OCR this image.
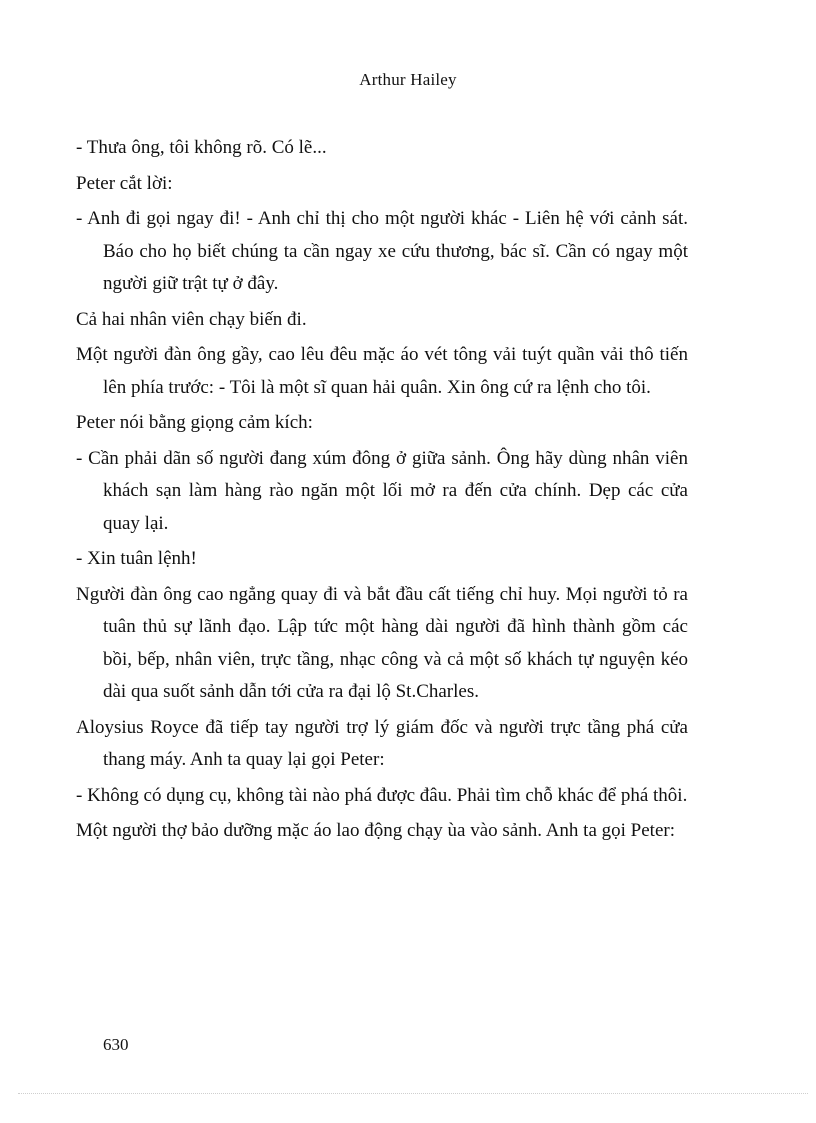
Arthur Hailey

- Thưa ông, tôi không rõ. Có lẽ...

Peter cắt lời:

- Anh đi gọi ngay đi! - Anh chỉ thị cho một người khác - Liên hệ với cảnh sát. Báo cho họ biết chúng ta cần ngay xe cứu thương, bác sĩ. Cần có ngay một người giữ trật tự ở đây.

Cả hai nhân viên chạy biến đi.

Một người đàn ông gầy, cao lêu đêu mặc áo vét tông vải tuýt quần vải thô tiến lên phía trước: - Tôi là một sĩ quan hải quân. Xin ông cứ ra lệnh cho tôi.

Peter nói bằng giọng cảm kích:

- Cần phải dãn số người đang xúm đông ở giữa sảnh. Ông hãy dùng nhân viên khách sạn làm hàng rào ngăn một lối mở ra đến cửa chính. Dẹp các cửa quay lại.

- Xin tuân lệnh!

Người đàn ông cao ngẳng quay đi và bắt đầu cất tiếng chỉ huy. Mọi người tỏ ra tuân thủ sự lãnh đạo. Lập tức một hàng dài người đã hình thành gồm các bồi, bếp, nhân viên, trực tầng, nhạc công và cả một số khách tự nguyện kéo dài qua suốt sảnh dẫn tới cửa ra đại lộ St.Charles.

Aloysius Royce đã tiếp tay người trợ lý giám đốc và người trực tầng phá cửa thang máy. Anh ta quay lại gọi Peter:

- Không có dụng cụ, không tài nào phá được đâu. Phải tìm chỗ khác để phá thôi.

Một người thợ bảo dưỡng mặc áo lao động chạy ùa vào sảnh. Anh ta gọi Peter:

630
